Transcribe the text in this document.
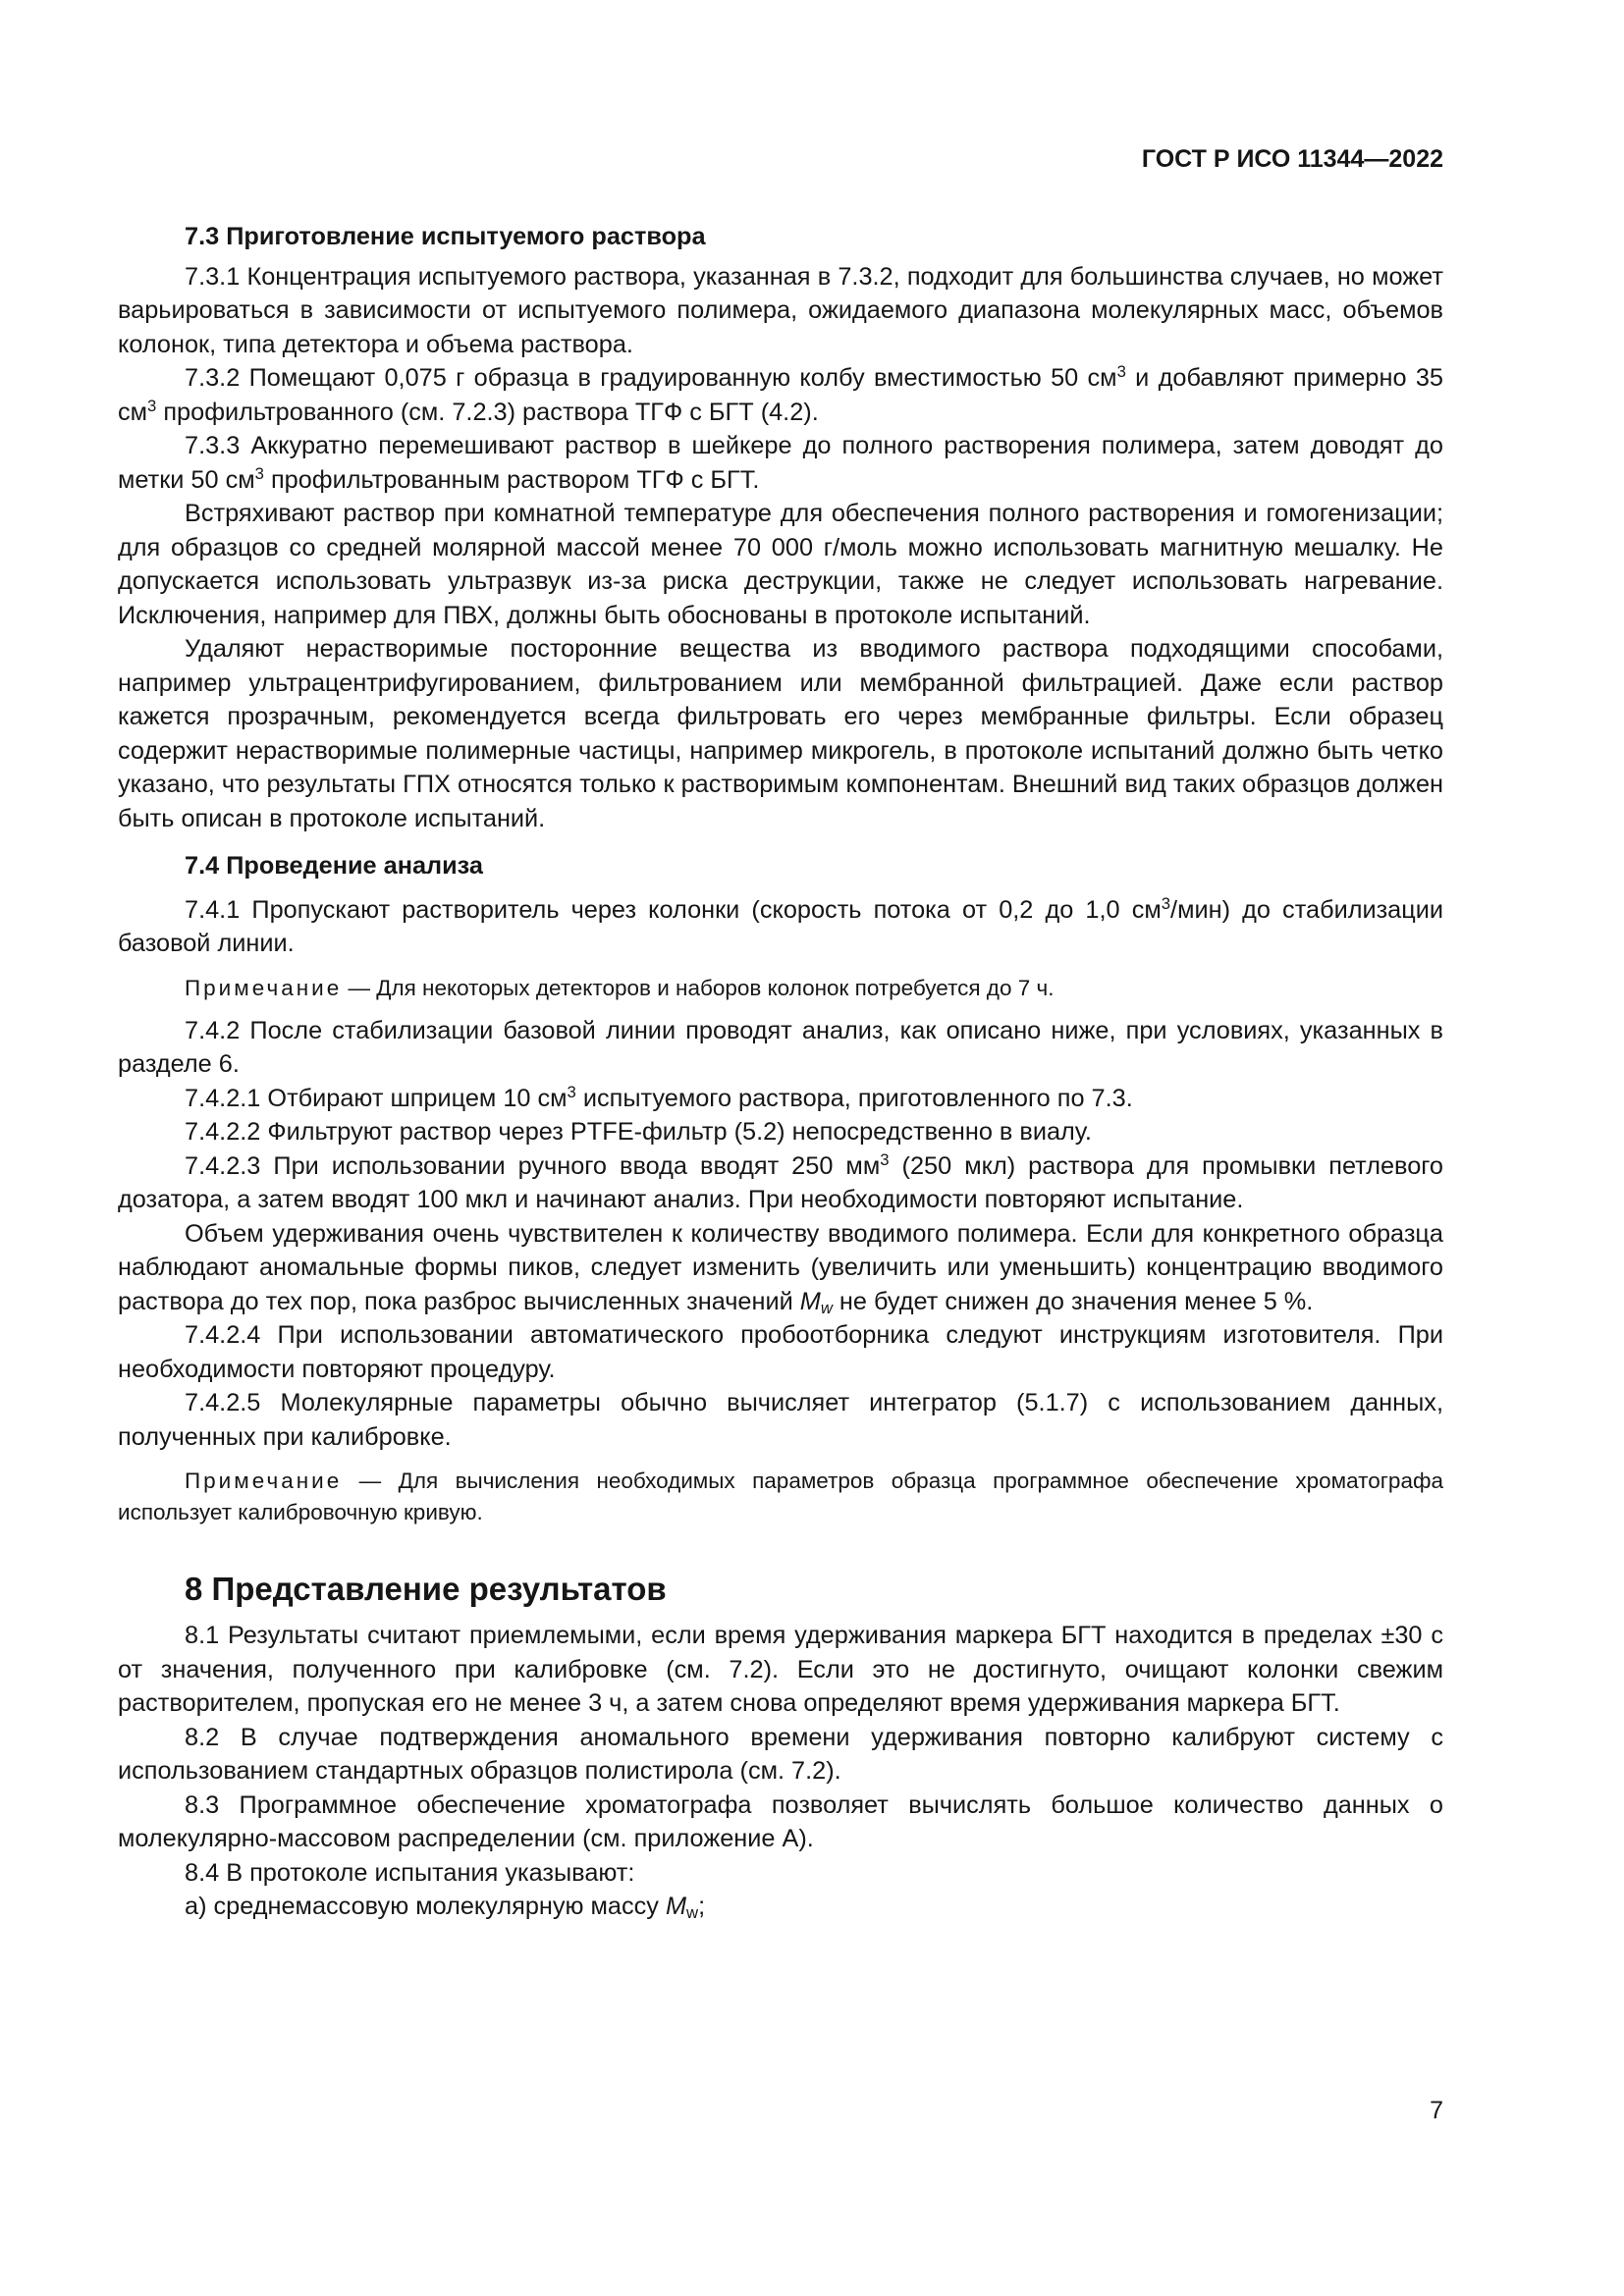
ГОСТ Р ИСО 11344—2022
7.3 Приготовление испытуемого раствора

7.3.1 Концентрация испытуемого раствора, указанная в 7.3.2, подходит для большинства случаев, но может варьироваться в зависимости от испытуемого полимера, ожидаемого диапазона молекулярных масс, объемов колонок, типа детектора и объема раствора.

7.3.2 Помещают 0,075 г образца в градуированную колбу вместимостью 50 $см^3$ и добавляют примерно 35 $см^3$ профильтрованного (см. 7.2.3) раствора ТГФ с БГТ (4.2).

7.3.3 Аккуратно перемешивают раствор в шейкере до полного растворения полимера, затем доводят до метки 50 $см^3$ профильтрованным раствором ТГФ с БГТ.

Встряхивают раствор при комнатной температуре для обеспечения полного растворения и гомогенизации; для образцов со средней молярной массой менее 70 000 г/моль можно использовать магнитную мешалку. Не допускается использовать ультразвук из-за риска деструкции, также не следует использовать нагревание. Исключения, например для ПВХ, должны быть обоснованы в протоколе испытаний.

Удаляют нерастворимые посторонние вещества из вводимого раствора подходящими способами, например ультрацентрифугированием, фильтрованием или мембранной фильтрацией. Даже если раствор кажется прозрачным, рекомендуется всегда фильтровать его через мембранные фильтры. Если образец содержит нерастворимые полимерные частицы, например микрогель, в протоколе испытаний должно быть четко указано, что результаты ГПХ относятся только к растворимым компонентам. Внешний вид таких образцов должен быть описан в протоколе испытаний.

7.4 Проведение анализа

7.4.1 Пропускают растворитель через колонки (скорость потока от 0,2 до 1,0 $см^3/мин$) до стабилизации базовой линии.

Примечание — Для некоторых детекторов и наборов колонок потребуется до 7 ч.

7.4.2 После стабилизации базовой линии проводят анализ, как описано ниже, при условиях, указанных в разделе 6.

7.4.2.1 Отбирают шприцем 10 $см^3$ испытуемого раствора, приготовленного по 7.3.

7.4.2.2 Фильтруют раствор через PTFE-фильтр (5.2) непосредственно в виалу.

7.4.2.3 При использовании ручного ввода вводят 250 $мм^3$ (250 мкл) раствора для промывки петлевого дозатора, а затем вводят 100 мкл и начинают анализ. При необходимости повторяют испытание.

Объем удерживания очень чувствителен к количеству вводимого полимера. Если для конкретного образца наблюдают аномальные формы пиков, следует изменить (увеличить или уменьшить) концентрацию вводимого раствора до тех пор, пока разброс вычисленных значений $M_w$ не будет снижен до значения менее 5 %.

7.4.2.4 При использовании автоматического пробоотборника следуют инструкциям изготовителя. При необходимости повторяют процедуру.

7.4.2.5 Молекулярные параметры обычно вычисляет интегратор (5.1.7) с использованием данных, полученных при калибровке.

Примечание — Для вычисления необходимых параметров образца программное обеспечение хроматографа использует калибровочную кривую.

8 Представление результатов

8.1 Результаты считают приемлемыми, если время удерживания маркера БГТ находится в пределах ±30 с от значения, полученного при калибровке (см. 7.2). Если это не достигнуто, очищают колонки свежим растворителем, пропуская его не менее 3 ч, а затем снова определяют время удерживания маркера БГТ.

8.2 В случае подтверждения аномального времени удерживания повторно калибруют систему с использованием стандартных образцов полистирола (см. 7.2).

8.3 Программное обеспечение хроматографа позволяет вычислять большое количество данных о молекулярно-массовом распределении (см. приложение А).

8.4 В протоколе испытания указывают:

а) среднемассовую молекулярную массу $M_w$;

7
